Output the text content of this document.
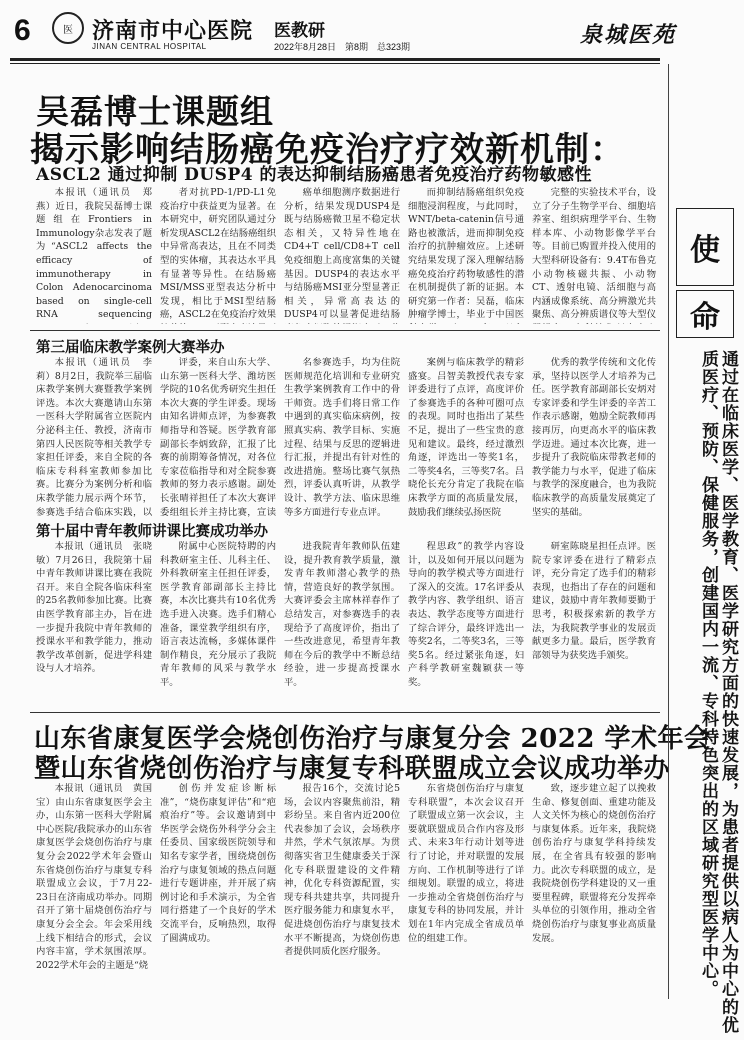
6	医 济南市中心医院
JINAN CENTRAL HOSPITAL
医教研
2022年8月28日　第8期　总323期	泉城医苑
吴磊博士课题组
揭示影响结肠癌免疫治疗疗效新机制：
ASCL2 通过抑制 DUSP4 的表达抑制结肠癌患者免疫治疗药物敏感性

本报讯（通讯员　郑燕）近日，我院吴磊博士课题组在Frontiers in Immunology杂志发表了题为“ASCL2 affects the efficacy of immunotherapy in Colon Adenocarcinoma based on single-cell RNA sequencing

者对抗PD-1/PD-L1免疫治疗中获益更为显著。在本研究中，研究团队通过分析发现ASCL2在结肠癌组织中异常高表达，且在不同类型的实体瘤，其表达水平具有显著等异性。在结肠癌MSI/MSS亚型表达分析中发现，相比于MSI型结肠癌，ASCL2在免疫治疗效果

癌单细胞测序数据进行分析，结果发现DUSP4是既与结肠癌微卫星不稳定状态相关，又特异性地在CD4+T cell/CD8+T cell免疫细胞上高度富集的关键基因。DUSP4的表达水平与结肠癌MSI亚分型显著正相关，异常高表达的DUSP4可以显著促进结肠

而抑制结肠癌组织免疫细胞浸润程度，与此同时，WNT/beta-catenin信号通路也被激活，进而抑制免疫治疗的抗肿瘤效应。上述研究结果发现了深入理解结肠癌免疫治疗药物敏感性的潜在机制提供了新的证据。本研究第一作者：吴磊，临床肿瘤学博士，毕业于中国医

完整的实验技术平台，设立了分子生物学平台、细胞培养室、组织病理学平台、生物样本库、小动物影像学平台等。目前已购置并投入使用的大型科研设备有：9.4T布鲁克小动物核磁共振、小动物CT、透射电镜、活细胞与高内涵成像系统、高分辨激光共聚焦、高分辨质谱仪等大型仪

第三届临床教学案例大赛举办

本报讯（通讯员　李莉）8月2日，我院举三届临床教学案例大赛暨教学案例评选。本次大赛邀请山东第一医科大学附属省立医院内分泌科主任、教授，济南市第四人民医院等相关教学专家担任评委，来自全院的各临床专科科室教师参加比赛。比赛分为案例分析和临床教学能力展示两个环节，参赛选手结合临床实践，以

评委，来自山东大学、山东第一医科大学、潍坊医学院的10名优秀研究生担任本次大赛的学生评委。现场由知名讲师点评，为参赛教师指导和答疑。医学教育部副部长李炳致辞，汇报了比赛的前期筹备情况，对各位专家莅临指导和对全院参赛教师的努力表示感谢。副处长张晴祥担任了本次大赛评委组组长并主持比赛，宣读

名参赛选手，均为住院医师规范化培训和专业研究生教学案例教育工作中的骨干师资。选手们将日常工作中遇到的真实临床病例，按照真实病、教学目标、实施过程、结果与反思的逻辑进行汇报，并提出有针对性的改进措施。整场比赛气氛热烈，评委认真听讲，从教学设计、教学方法、临床思维等多方面进行专业点评。

案例与临床教学的精彩盛宴。吕智美教授代表专家评委进行了点评，高度评价了参赛选手的各种可圈可点的表现。同时也指出了某些不足，提出了一些宝贵的意见和建议。最终，经过激烈角逐，评选出一等奖1名，二等奖4名，三等奖7名。吕晓伦长充分肯定了我院在临床教学方面的高质量发展，鼓励我们继续弘扬医院

优秀的教学传统和文化传承，坚持以医学人才培养为己任。医学教育部副部长安炳对专家评委和学生评委的辛苦工作表示感谢，勉励全院教师再接再厉，向更高水平的临床教学迈进。通过本次比赛，进一步提升了我院临床带教老师的教学能力与水平，促进了临床与教学的深度融合，也为我院临床教学的高质量发展奠定了坚实的基础。

第十届中青年教师讲课比赛成功举办

本报讯（通讯员　张晓敏）7月26日，我院第十届中青年教师讲课比赛在我院召开。来自全院各临床科室的25名教师参加比赛。比赛由医学教育部主办，旨在进一步提升我院中青年教师的授课水平和教学能力，推动教学改革创新，促进学科建设与人才培养。

附属中心医院特聘的内科教研室主任、儿科主任、外科教研室主任担任评委，医学教育部副部长主持比赛，本次比赛共有10名优秀选手进入决赛。选手们精心准备，课堂教学组织有序，语言表达流畅，多媒体课件制作精良，充分展示了我院青年教师的风采与教学水平。

进我院青年教师队伍建设，提升教育教学质量，激发青年教师潜心教学的热情，营造良好的教学氛围。大赛评委会主席林祥春作了总结发言，对参赛选手的表现给予了高度评价，指出了一些改进意见，希望青年教师在今后的教学中不断总结经验，进一步提高授课水平。

程思政”的教学内容设计，以及如何开展以问题为导向的教学模式等方面进行了深入的交流。17名评委从教学内容、教学组织、语言表达、教学态度等方面进行了综合评分，最终评选出一等奖2名，二等奖3名，三等奖5名。经过紧张角逐，妇产科学教研室魏颖获一等奖。

研室陈晓星担任点评。医院专家评委在进行了精彩点评，充分肯定了选手们的精彩表现，也指出了存在的问题和建议，鼓励中青年教师要勤于思考，积极探索新的教学方法，为我院教学事业的发展贡献更多力量。最后，医学教育部领导为获奖选手颁奖。

山东省康复医学会烧创伤治疗与康复分会 2022 学术年会
暨山东省烧创伤治疗与康复专科联盟成立会议成功举办

本报讯（通讯员　黄国宝）由山东省康复医学会主办，山东第一医科大学附属中心医院/我院承办的山东省康复医学会烧创伤治疗与康复分会2022学术年会暨山东省烧创伤治疗与康复专科联盟成立会议，于7月22-23日在济南成功举办。同期召开了第十届烧创伤治疗与康复分会全会。年会采用线上线下相结合的形式，会议内容丰富，学术氛围浓厚。2022学术年会的主题是“烧

创伤并发症诊断标准”，“烧伤康复评估”和“疤痕治疗”等。会议邀请到中华医学会烧伤外科学分会主任委员、国家级医院领导和知名专家学者，围绕烧创伤治疗与康复领域的热点问题进行专题讲座，并开展了病例讨论和手术演示，为全省同行搭建了一个良好的学术交流平台，反响热烈，取得了圆满成功。

报告16个，交流讨论5场，会议内容聚焦前沿，精彩纷呈。来自省内近200位代表参加了会议，会场秩序井然，学术气氛浓厚。为贯彻落实省卫生健康委关于深化专科联盟建设的文件精神，优化专科资源配置，实现专科共建共享，共同提升医疗服务能力和康复水平，促进烧创伤治疗与康复技术水平不断提高，为烧创伤患者提供同质化医疗服务。

东省烧创伤治疗与康复专科联盟”，本次会议召开了联盟成立第一次会议，主要就联盟成员合作内容及形式、未来3年行动计划等进行了讨论，并对联盟的发展方向、工作机制等进行了详细规划。联盟的成立，将进一步推动全省烧创伤治疗与康复专科的协同发展，并计划在1年内完成全省成员单位的组建工作。

致，逐步建立起了以挽救生命、修复创面、重建功能及人文关怀为核心的烧创伤治疗与康复体系。近年来，我院烧创伤治疗与康复学科持续发展，在全省具有较强的影响力。此次专科联盟的成立，是我院烧创伤学科建设的又一重要里程碑，联盟将充分发挥牵头单位的引领作用，推动全省烧创伤治疗与康复事业高质量发展。

使
命
通过在临床医学、医学教育、医学研究方面的快速发展，为患者提供以病人为中心的优质医疗、预防、保健服务，创建国内一流、专科特色突出的区域研究型医学中心。
